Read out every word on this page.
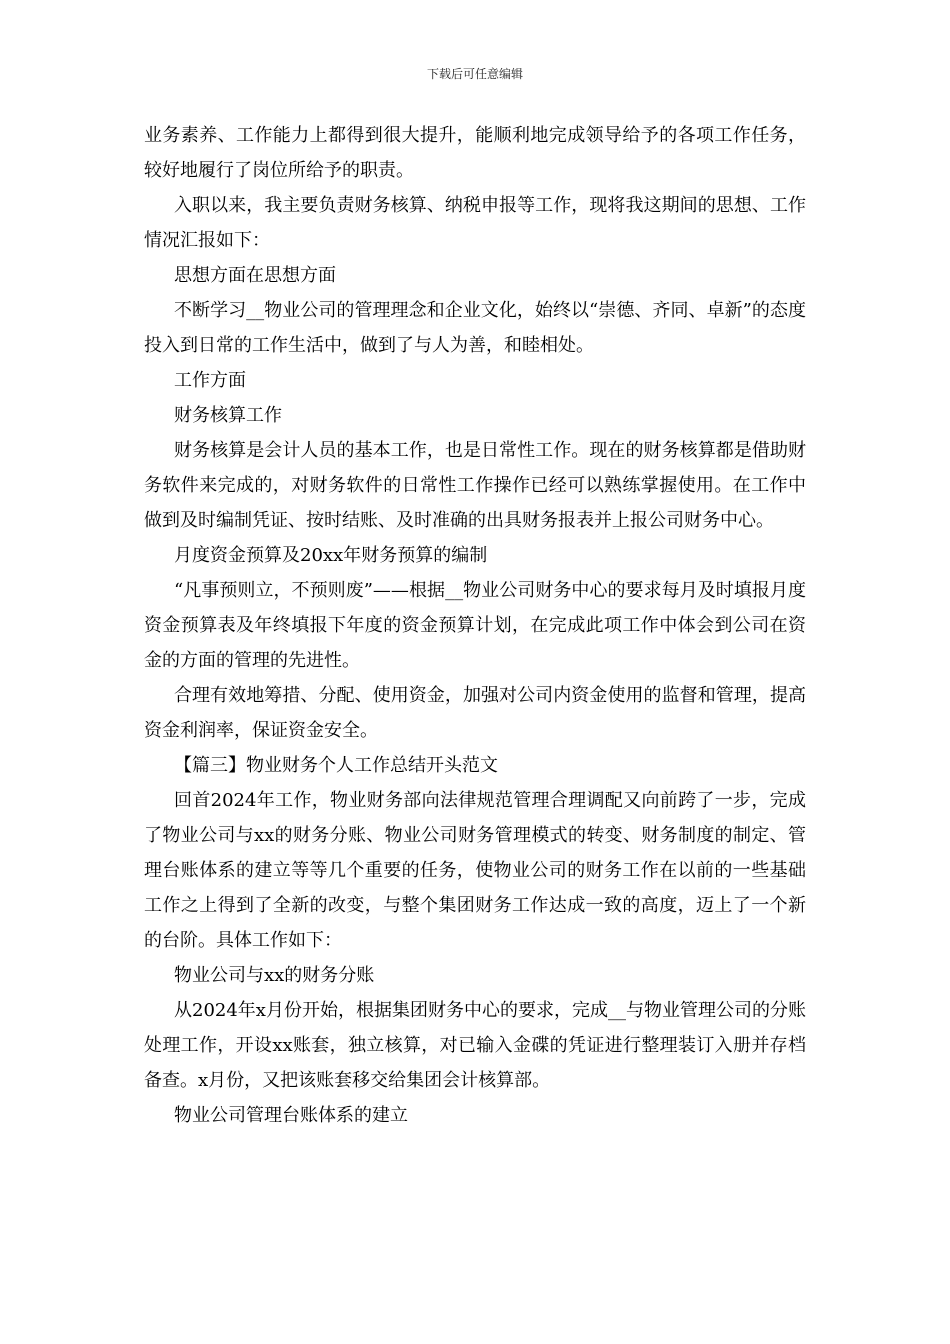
下载后可任意编辑

业务素养、工作能力上都得到很大提升，能顺利地完成领导给予的各项工作任务，较好地履行了岗位所给予的职责。

入职以来，我主要负责财务核算、纳税申报等工作，现将我这期间的思想、工作情况汇报如下：

思想方面在思想方面

不断学习__物业公司的管理理念和企业文化，始终以“崇德、齐同、卓新”的态度投入到日常的工作生活中，做到了与人为善，和睦相处。

工作方面

财务核算工作

财务核算是会计人员的基本工作，也是日常性工作。现在的财务核算都是借助财务软件来完成的，对财务软件的日常性工作操作已经可以熟练掌握使用。在工作中做到及时编制凭证、按时结账、及时准确的出具财务报表并上报公司财务中心。

月度资金预算及20xx年财务预算的编制

“凡事预则立，不预则废”——根据__物业公司财务中心的要求每月及时填报月度资金预算表及年终填报下年度的资金预算计划，在完成此项工作中体会到公司在资金的方面的管理的先进性。

合理有效地筹措、分配、使用资金，加强对公司内资金使用的监督和管理，提高资金利润率，保证资金安全。

【篇三】物业财务个人工作总结开头范文

回首2024年工作，物业财务部向法律规范管理合理调配又向前跨了一步，完成了物业公司与xx的财务分账、物业公司财务管理模式的转变、财务制度的制定、管理台账体系的建立等等几个重要的任务，使物业公司的财务工作在以前的一些基础工作之上得到了全新的改变，与整个集团财务工作达成一致的高度，迈上了一个新的台阶。具体工作如下：

物业公司与xx的财务分账

从2024年x月份开始，根据集团财务中心的要求，完成__与物业管理公司的分账处理工作，开设xx账套，独立核算，对已输入金碟的凭证进行整理装订入册并存档备查。x月份，又把该账套移交给集团会计核算部。

物业公司管理台账体系的建立
